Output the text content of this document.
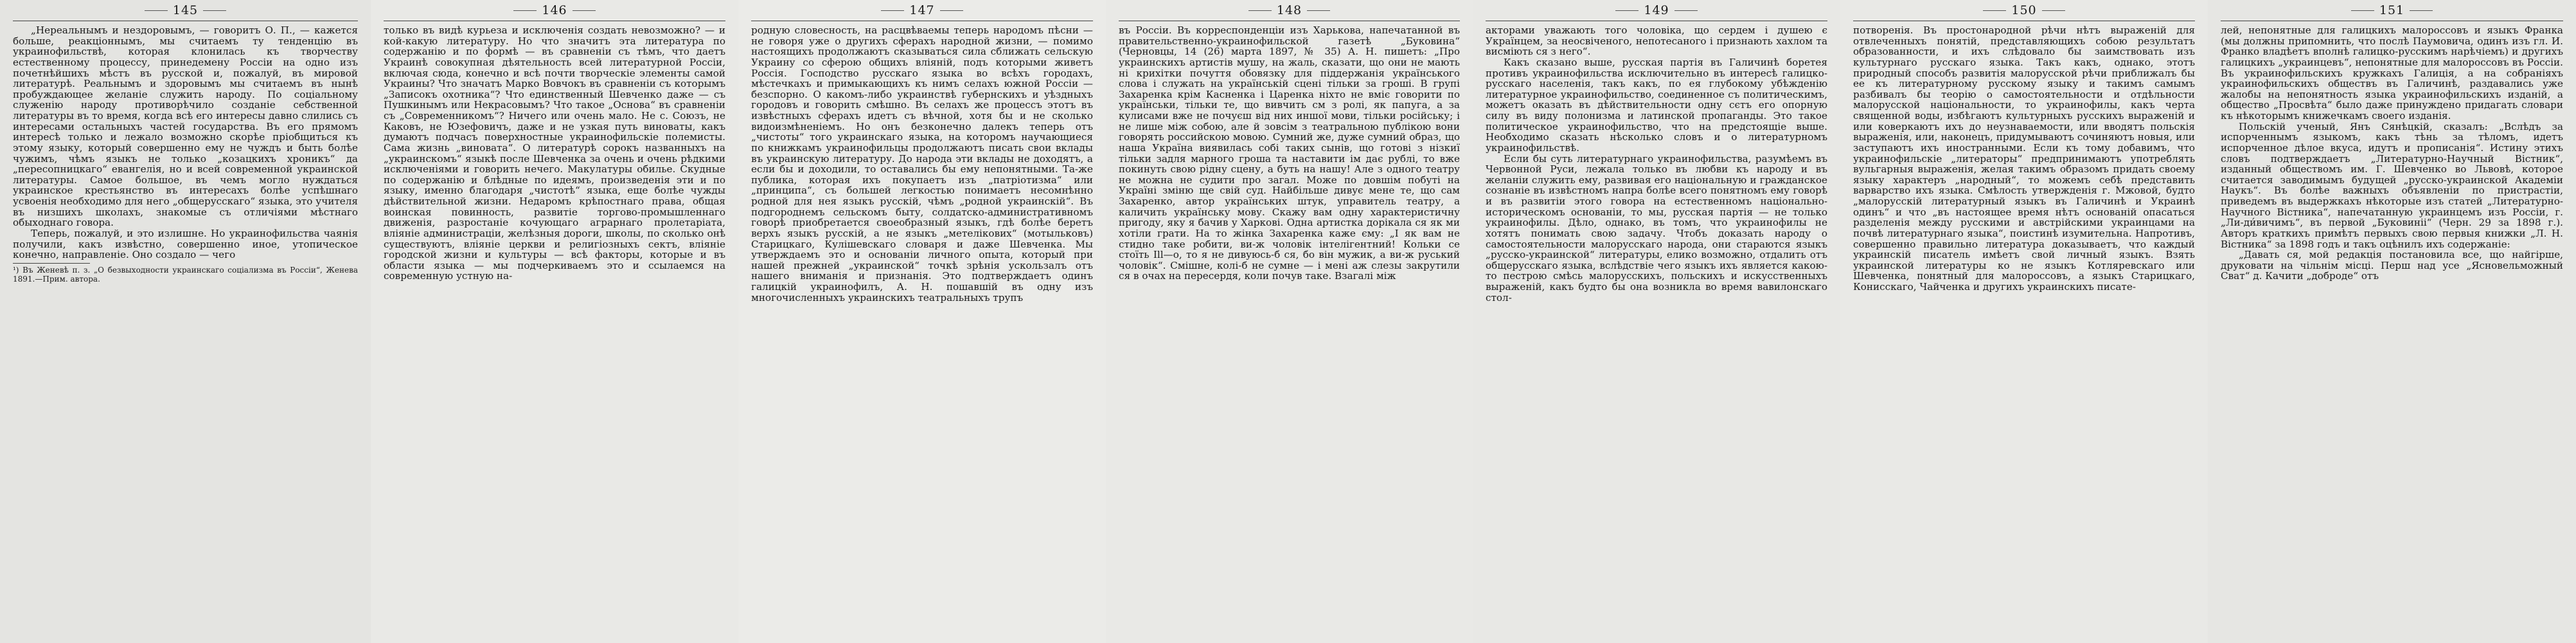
145

„Нереальнымъ и нездоровымъ, — говоритъ О. П., — кажется больше, реакціоннымъ, мы считаемъ ту тенденцію въ украинофильствѣ, которая клонилась къ творчеству естественному процессу, принедемену Россіи на одно изъ почетнѣйшихъ мѣстъ въ русской и, пожалуй, въ мировой литературѣ. Реальнымъ и здоровымъ мы считаемъ въ нынѣ пробуждающее желаніе служить народу. По соціальному служенію народу противорѣчило созданіе себственной литературы въ то время, когда всѣ его интересы давно слились съ интересами остальныхъ частей государства. Въ его прямомъ интересѣ только и лежало возможно скорѣе пріобщиться къ этому языку, который совершенно ему не чуждъ и быть болѣе чужимъ, чѣмъ языкъ не только „козацкихъ хроникъ“ да „пересопницкаго“ евангелія, но и всей современной украинской литературы. Самое большое, въ чемъ могло нуждаться украинское крестьянство въ интересахъ болѣе успѣшнаго усвоенія необходимо для него „общерусскаго“ языка, это учителя въ низшихъ школахъ, знакомые съ отличіями мѣстнаго обыходнаго говора.

Теперь, пожалуй, и это излишне. Но украинофильства чаянія получили, какъ извѣстно, совершенно иное, утопическое конечно, направленіе. Оно создало — чего

¹) Въ Женевѣ п. з. „О безвыходности украинскаго соціализма въ Россіи“, Женева 1891.—Прим. автора.
146

только въ видѣ курьеза и исключенія создать невозможно? — и кой-какую литературу. Но что значитъ эта литература по содержанію и по формѣ — въ сравненіи съ тѣмъ, что даетъ Украинѣ совокупная дѣятельность всей литературной Россіи, включая сюда, конечно и всѣ почти творческіе элементы самой Украины? Что значатъ Марко Вовчокъ въ сравненіи съ которымъ „Записокъ охотника“? Что единственный Шевченко даже — съ Пушкинымъ или Некрасовымъ? Что такое „Основа“ въ сравненіи съ „Современникомъ“? Ничего или очень мало. Не с. Союзъ, не Каковъ, не Юзефовичъ, даже и не узкая путь виноваты, какъ думаютъ подчасъ поверхностные украинофильскіе полемисты. Сама жизнь „виновата“. О литературѣ сорокъ названныхъ на „украинскомъ“ языкѣ после Шевченка за очень и очень рѣдкими исключеніями и говорить нечего. Макулатуры обилье. Скудные по содержанію и блѣдные по идеямъ, произведенія эти и по языку, именно благодаря „чистотѣ“ языка, еще болѣе чужды дѣйствительной жизни. Недаромъ крѣпостнаго права, общая воинская повинность, развитіе торгово-промышленнаго движенія, разростаніе кочующаго аграрнаго пролетаріата, вліяніе администраціи, желѣзныя дороги, школы, по сколько онѣ существуютъ, вліяніе церкви и религіозныхъ сектъ, вліяніе городской жизни и культуры — всѣ факторы, которые и въ области языка — мы подчеркиваемъ это и ссылаемся на современную устную на-

147

родную словесность, на расцвѣваемы теперь народомъ пѣсни — не говоря уже о другихъ сферахъ народной жизни, — помимо настоящихъ продолжаютъ сказываться сила сближать сельскую Украину со сферою общихъ вліяній, подъ которыми живетъ Россія. Господство русскаго языка во всѣхъ городахъ, мѣстечкахъ и примыкающихъ къ нимъ селахъ южной Россіи — безспорно. О какомъ-либо украинствѣ губернскихъ и уѣздныхъ городовъ и говорить смѣшно. Въ селахъ же процессъ этотъ въ извѣстныхъ сферахъ идетъ съ вѣчной, хотя бы и не сколько видоизмѣненіемъ. Но онъ безконечно далекъ теперь отъ „чистоты“ того украинскаго языка, на которомъ научающиеся по книжкамъ украинофильцы продолжаютъ писать свои вклады въ украинскую литературу. До народа эти вклады не доходятъ, а если бы и доходили, то оставались бы ему непонятными. Та-же публика, которая ихъ покупаетъ изъ „патріотизма“ или „принципа“, съ большей легкостью понимаетъ несомнѣнно родной для нея языкъ русскій, чѣмъ „родной украинскій“. Въ подгороднемъ сельскомъ быту, солдатско-административномъ говорѣ приобретается своеобразный языкъ, гдѣ болѣе беретъ верхъ языкъ русскій, а не языкъ „метелікових“ (мотыльковъ) Старицкаго, Кулішевскаго словаря и даже Шевченка. Мы утверждаемъ это и основаніи личного опыта, который при нашей прежней „украинской“ точкѣ зрѣнія ускользалъ отъ нашего вниманія и признанія. Это подтверждаетъ одинъ галицкій украинофилъ, А. Н. пошавшій въ одну изъ многочисленныхъ украинскихъ театральныхъ трупъ

148

въ Россіи. Въ корреспонденціи изъ Харькова, напечатанной въ правительственно-украинофильской газетѣ „Буковина“ (Черновцы, 14 (26) марта 1897, № 35) А. Н. пишетъ: „Про украинскихъ артистів мушу, на жаль, сказати, що они не мають ні крихітки почуття обовязку для піддержанія українського слова і служать на українській сцені тільки за гроші. В групі Захаренка крім Касненка і Царенка ніхто не вміє говорити по українськи, тільки те, що вивчить см з ролі, як папуга, а за кулисами вже не почуєш від них иншої мови, тільки російську; і не лише між собою, але й зовсім з театральною публікою вони говорять российскою мовою. Сумний же, дуже сумний образ, що наша Україна виявилась собі таких сынів, що готові з нізкиї тільки задля марного гроша та наставити ім дає рублі, то вже покинуть свою рідну сцену, а буть на нашу! Але з одного театру не можна не судити про загал. Може по довшім побуті на Україні зміню ще свій суд. Найбільше дивує мене те, що сам Захаренко, автор українських штук, управитель театру, а каличить українську мову. Скажу вам одну характеристичну пригоду, яку я бачив у Харкові. Одна артистка дорікала ся як ми хотіли грати. На то жінка Захаренка каже єму: „І як вам не стидно таке робити, ви-ж чоловік інтелігентний! Кольки се стоїть Ill—о, то я не дивуюсь-б ся, бо він мужик, а ви-ж руський чоловік“. Смішне, колі-б не сумне — і мені аж слезы закрутили ся в очах на пересердя, коли почув таке. Взагалі між

149

акторами уважають того чоловіка, що сердем і душею є Українцем, за неосвіченого, непотесаного і признають хахлом та висміють ся з него“.

Какъ сказано выше, русская партія въ Галичинѣ боретея противъ украинофильства исключительно въ интересѣ галицко-русскаго населенія, такъ какъ, по ея глубокому убѣжденію литературное украинофильство, соединенное съ политическимъ, можетъ оказать въ дѣйствительности одну сєтъ его опорную силу въ виду полонизма и латинской пропаганды. Это такое политическое украинофильство, что на предстоящіе выше. Необходимо сказать нѣсколько словъ и о литературномъ украинофильствѣ.

Если бы суть литературнаго украинофильства, разумѣемъ въ Червонной Руси, лежала только въ любви къ народу и въ желаніи служить ему, развивая его національную и гражданское сознаніе въ извѣстномъ напра болѣе всего понятномъ ему говорѣ и въ развитіи этого говора на естественномъ національно-историческомъ основаніи, то мы, русская партія — не только украинофилы. Дѣло, однако, въ томъ, что украинофилы не хотятъ понимать свою задачу. Чтобъ доказать народу о самостоятельности малорусскаго народа, они стараются языкъ „русско-украинской“ литературы, елико возможно, отдалить отъ общерусскаго языка, вслѣдствіе чего языкъ ихъ является какою-то пестрою смѣсь малорусскихъ, польскихъ и искусственныхъ выраженій, какъ будто бы она возникла во время вавилонскаго стол-

150

потворенія. Въ простонародной рѣчи нѣтъ выраженій для отвлеченныхъ понятій, представляющихъ собою результатъ образованности, и ихъ слѣдовало бы заимствовать изъ культурнаго русскаго языка. Такъ какъ, однако, этотъ природный способъ развитія малорусской рѣчи приближалъ бы ее къ литературному русскому языку и такимъ самымъ разбивалъ бы теорію о самостоятельности и отдѣльности малорусской національности, то украинофилы, какъ черта священной воды, избѣгаютъ культурныхъ русскихъ выраженій и или коверкаютъ ихъ до неузнаваемости, или вводятъ польскія выраженія, или, наконецъ, придумываютъ сочиняютъ новыя, или заступаютъ ихъ иностранными. Если къ тому добавимъ, что украинофильскіе „литераторы“ предпринимаютъ употреблять вульгарныя выраженія, желая такимъ образомъ придать своему языку характеръ „народный“, то можемъ себѣ представить варварство ихъ языка. Смѣлость утвержденія г. Мжовой, будто „малорусскій литературный языкъ въ Галичинѣ и Украинѣ одинъ“ и что „въ настоящее время нѣтъ основаній опасаться разделенія между русскими и австрійскими украинцами на почвѣ литературнаго языка“, поистинѣ изумительна. Напротивъ, совершенно правильно литература доказываетъ, что каждый украинскій писатель имѣетъ свой личный языкъ. Взять украинской литературы ко не языкъ Котляревскаго или Шевченка, понятный для малороссовъ, а языкъ Старицкаго, Конисскаго, Чайченка и другихъ украинскихъ писате-

151

лей, непонятные для галицкихъ малороссовъ и языкъ Франка (мы должны припомнить, что послѣ Паумовича, одинъ изъ гл. И. Франко владѣетъ вполнѣ галицко-русскимъ нарѣчіемъ) и другихъ галицкихъ „украинцевъ“, непонятные для малороссовъ въ Россіи. Въ украинофильскихъ кружкахъ Галиція, а на собраніяхъ украинофильскихъ обществъ въ Галичинѣ, раздавались уже жалобы на непонятность языка украинофильскихъ изданій, а общество „Просвѣта“ было даже принуждено придагать словари къ нѣкоторымъ книжечкамъ своего изданія.

Польскій ученый, Янъ Сянѣцкій, сказалъ: „Вслѣдъ за испорченнымъ языкомъ, какъ тѣнь за тѣломъ, идетъ испорченное дѣлое вкуса, идутъ и прописанія“. Истину этихъ словъ подтверждаетъ „Литературно-Научный Вістник“, изданный обществомъ им. Г. Шевченко во Львовѣ, которое считается заводимымъ будущей „русско-украинской Академіи Наукъ“. Въ болѣе важныхъ объявленіи по пристрастіи, приведемъ въ выдержкахъ нѣкоторые изъ статей „Литературно-Научного Вістника“, напечатанную украинцемъ изъ Россіи, г. „Ли-ди́вичимъ“, въ первой „Буковиніі“ (Черн. 29 за 1898 г.). Авторъ краткихъ примѣтъ первыхъ свою первыя книжки „Л. Н. Вістника“ за 1898 годъ и такъ оцѣнилъ ихъ содержаніе:

„Давать ся, мой редакція постановила все, що найгірше, друковати на чільнім місці. Перш над усе „Ясновельможный Сват“ д. Качити „доброде“ отъ
